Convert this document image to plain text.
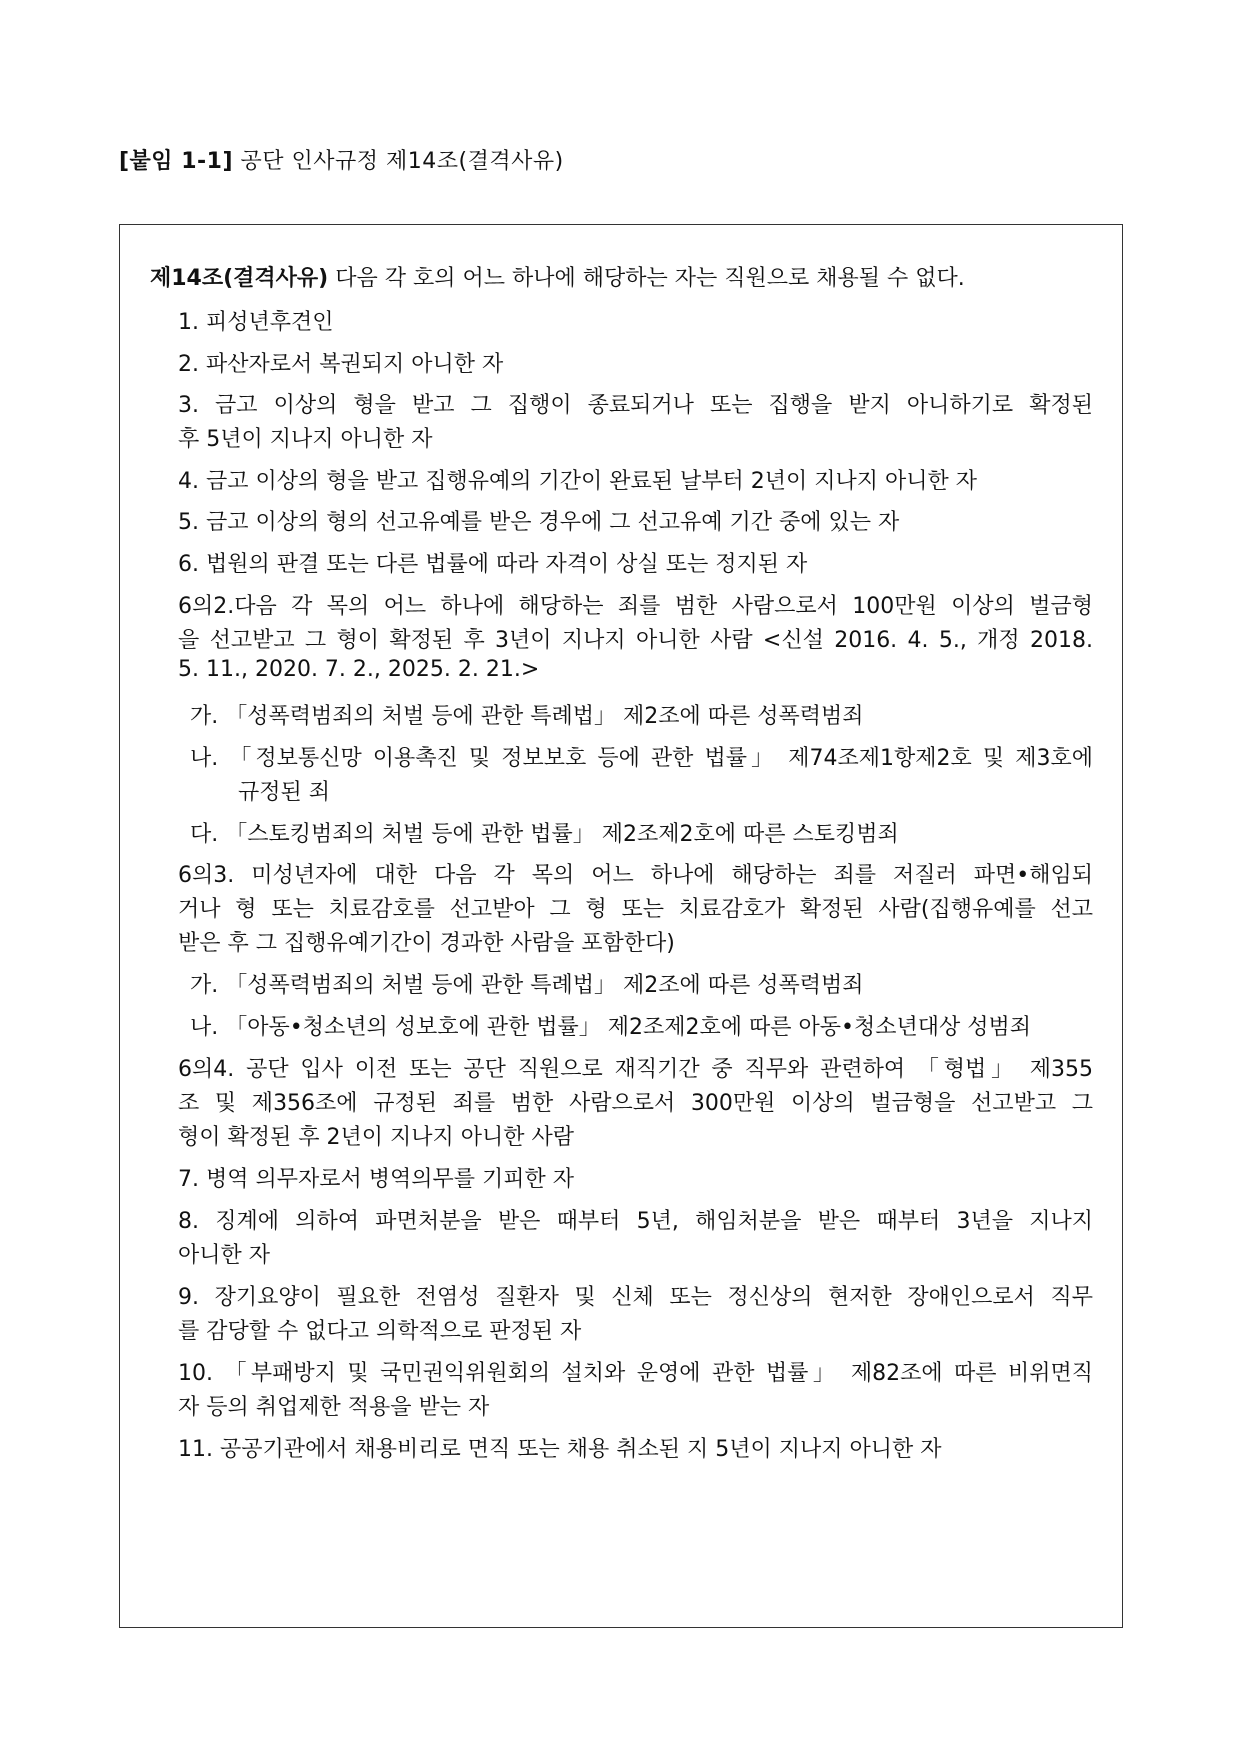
[붙임 1-1] 공단 인사규정 제14조(결격사유)
제14조(결격사유) 다음 각 호의 어느 하나에 해당하는 자는 직원으로 채용될 수 없다.
1. 피성년후견인
2. 파산자로서 복권되지 아니한 자
3. 금고 이상의 형을 받고 그 집행이 종료되거나 또는 집행을 받지 아니하기로 확정된
후 5년이 지나지 아니한 자
4. 금고 이상의 형을 받고 집행유예의 기간이 완료된 날부터 2년이 지나지 아니한 자
5. 금고 이상의 형의 선고유예를 받은 경우에 그 선고유예 기간 중에 있는 자
6. 법원의 판결 또는 다른 법률에 따라 자격이 상실 또는 정지된 자
6의2.다음 각 목의 어느 하나에 해당하는 죄를 범한 사람으로서 100만원 이상의 벌금형
을 선고받고 그 형이 확정된 후 3년이 지나지 아니한 사람 <신설 2016. 4. 5., 개정 2018.
5. 11., 2020. 7. 2., 2025. 2. 21.>
가. 「성폭력범죄의 처벌 등에 관한 특례법」 제2조에 따른 성폭력범죄
나. 「정보통신망 이용촉진 및 정보보호 등에 관한 법률」 제74조제1항제2호 및 제3호에
규정된 죄
다. 「스토킹범죄의 처벌 등에 관한 법률」 제2조제2호에 따른 스토킹범죄
6의3. 미성년자에 대한 다음 각 목의 어느 하나에 해당하는 죄를 저질러 파면•해임되
거나 형 또는 치료감호를 선고받아 그 형 또는 치료감호가 확정된 사람(집행유예를 선고
받은 후 그 집행유예기간이 경과한 사람을 포함한다)
가. 「성폭력범죄의 처벌 등에 관한 특례법」 제2조에 따른 성폭력범죄
나. 「아동•청소년의 성보호에 관한 법률」 제2조제2호에 따른 아동•청소년대상 성범죄
6의4. 공단 입사 이전 또는 공단 직원으로 재직기간 중 직무와 관련하여 「형법」 제355
조 및 제356조에 규정된 죄를 범한 사람으로서 300만원 이상의 벌금형을 선고받고 그
형이 확정된 후 2년이 지나지 아니한 사람
7. 병역 의무자로서 병역의무를 기피한 자
8. 징계에 의하여 파면처분을 받은 때부터 5년, 해임처분을 받은 때부터 3년을 지나지
아니한 자
9. 장기요양이 필요한 전염성 질환자 및 신체 또는 정신상의 현저한 장애인으로서 직무
를 감당할 수 없다고 의학적으로 판정된 자
10. 「부패방지 및 국민권익위원회의 설치와 운영에 관한 법률」 제82조에 따른 비위면직
자 등의 취업제한 적용을 받는 자
11. 공공기관에서 채용비리로 면직 또는 채용 취소된 지 5년이 지나지 아니한 자
